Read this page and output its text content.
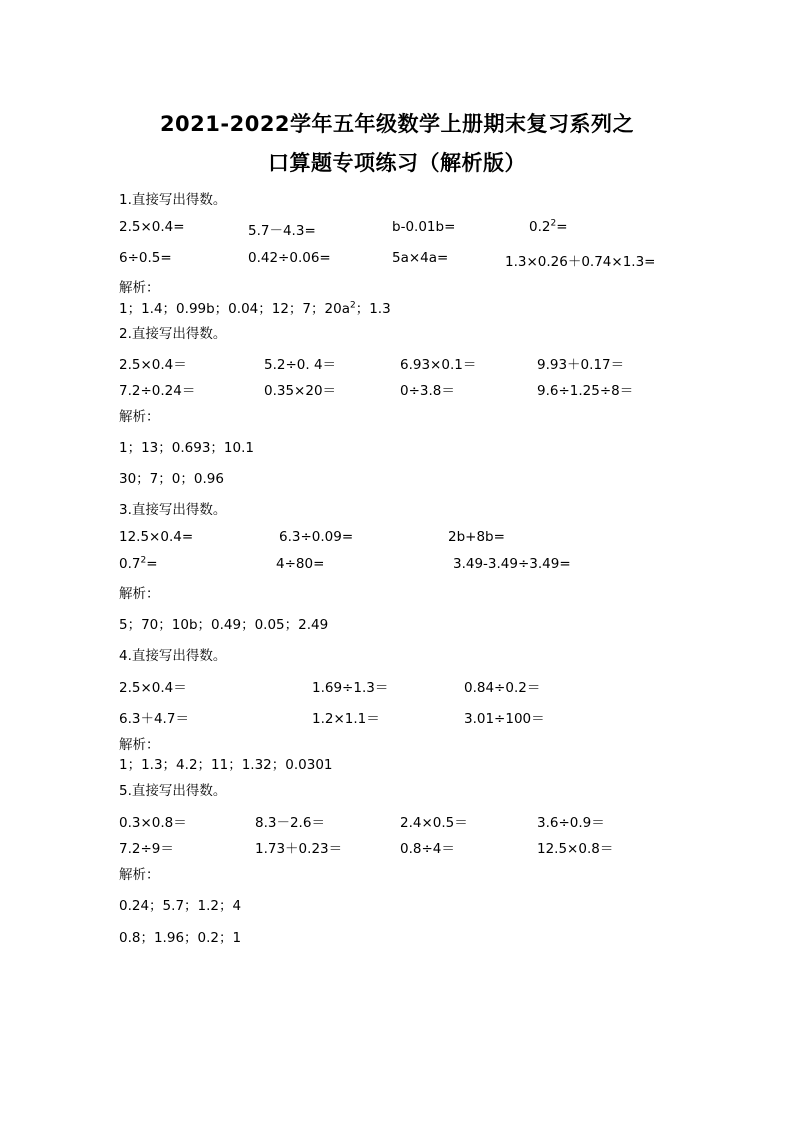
2021-2022学年五年级数学上册期末复习系列之
口算题专项练习（解析版）
1.直接写出得数。
2.5×0.4=	5.7－4.3=	b-0.01b=	$0.2^2=$
6÷0.5=	0.42÷0.06=	5a×4a=	1.3×0.26＋0.74×1.3=
解析：
1；1.4；0.99b；0.04；12；7；$20a^2$；1.3
2.直接写出得数。
2.5×0.4＝	5.2÷0. 4＝	6.93×0.1＝	9.93＋0.17＝
7.2÷0.24＝	0.35×20＝	0÷3.8＝	9.6÷1.25÷8＝
解析：
1；13；0.693；10.1
30；7；0；0.96
3.直接写出得数。
12.5×0.4=	6.3÷0.09=	2b+8b=
$0.7^2=$	4÷80=	3.49-3.49÷3.49=
解析：
5；70；10b；0.49；0.05；2.49
4.直接写出得数。
2.5×0.4＝	1.69÷1.3＝	0.84÷0.2＝
6.3＋4.7＝	1.2×1.1＝	3.01÷100＝
解析：
1；1.3；4.2；11；1.32；0.0301
5.直接写出得数。
0.3×0.8＝	8.3－2.6＝	2.4×0.5＝	3.6÷0.9＝
7.2÷9＝	1.73＋0.23＝	0.8÷4＝	12.5×0.8＝
解析：
0.24；5.7；1.2；4
0.8；1.96；0.2；1
